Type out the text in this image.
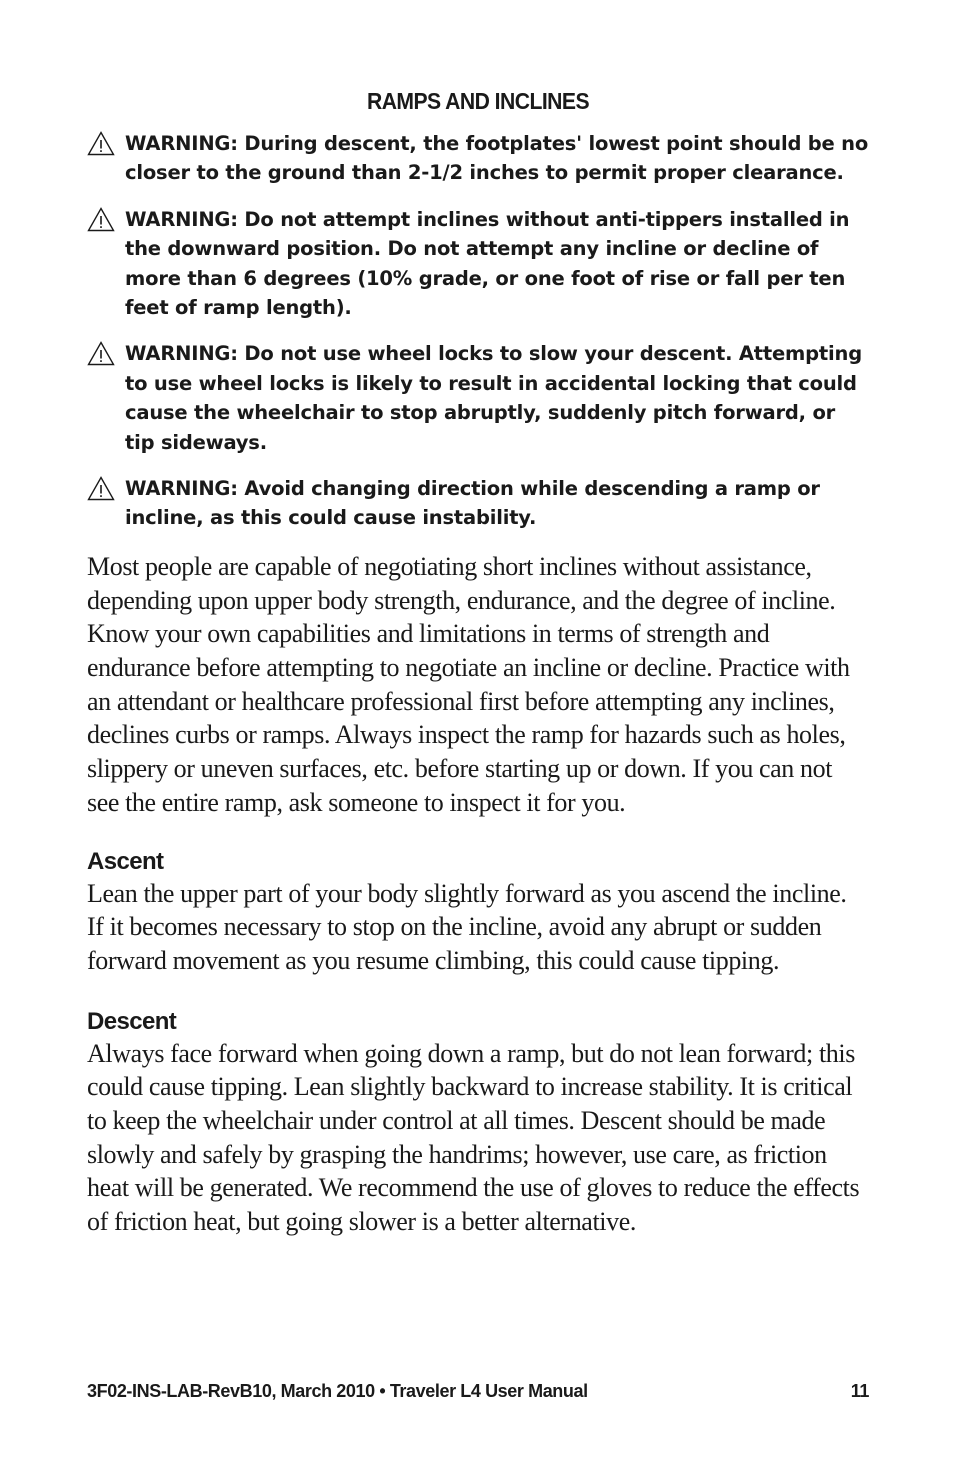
RAMPS AND INCLINES
WARNING: During descent, the footplates' lowest point should be no closer to the ground than 2-1/2 inches to permit proper clearance.
WARNING: Do not attempt inclines without anti-tippers installed in the downward position. Do not attempt any incline or decline of more than 6 degrees (10% grade, or one foot of rise or fall per ten feet of ramp length).
WARNING: Do not use wheel locks to slow your descent. Attempting to use wheel locks is likely to result in accidental locking that could cause the wheelchair to stop abruptly, suddenly pitch forward, or tip sideways.
WARNING: Avoid changing direction while descending a ramp or incline, as this could cause instability.

Most people are capable of negotiating short inclines without assistance, depending upon upper body strength, endurance, and the degree of incline. Know your own capabilities and limitations in terms of strength and endurance before attempting to negotiate an incline or decline. Practice with an attendant or healthcare professional first before attempting any inclines, declines curbs or ramps. Always inspect the ramp for hazards such as holes, slippery or uneven surfaces, etc. before starting up or down. If you can not see the entire ramp, ask someone to inspect it for you.

Ascent

Lean the upper part of your body slightly forward as you ascend the incline. If it becomes necessary to stop on the incline, avoid any abrupt or sudden forward movement as you resume climbing, this could cause tipping.

Descent

Always face forward when going down a ramp, but do not lean forward; this could cause tipping. Lean slightly backward to increase stability. It is critical to keep the wheelchair under control at all times. Descent should be made slowly and safely by grasping the handrims; however, use care, as friction heat will be generated. We recommend the use of gloves to reduce the effects of friction heat, but going slower is a better alternative.

3F02-INS-LAB-RevB10, March 2010 • Traveler L4 User Manual	11
